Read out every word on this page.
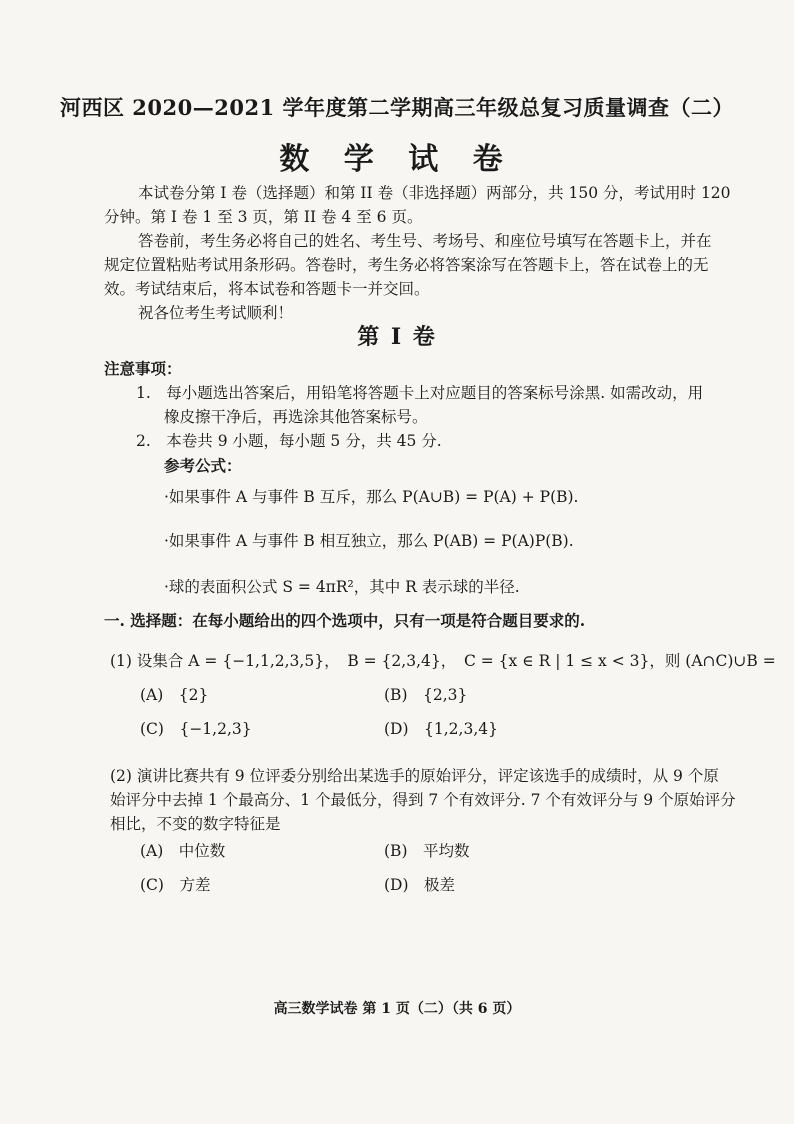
河西区 2020—2021 学年度第二学期高三年级总复习质量调查（二）
数 学 试 卷
本试卷分第 I 卷（选择题）和第 II 卷（非选择题）两部分，共 150 分，考试用时 120
分钟。第 I 卷 1 至 3 页，第 II 卷 4 至 6 页。
答卷前，考生务必将自己的姓名、考生号、考场号、和座位号填写在答题卡上，并在
规定位置粘贴考试用条形码。答卷时，考生务必将答案涂写在答题卡上，答在试卷上的无
效。考试结束后，将本试卷和答题卡一并交回。
祝各位考生考试顺利！
第 I 卷
注意事项：
1.　每小题选出答案后，用铅笔将答题卡上对应题目的答案标号涂黑. 如需改动，用
橡皮擦干净后，再选涂其他答案标号。
2.　本卷共 9 小题，每小题 5 分，共 45 分.
参考公式：
·如果事件 A 与事件 B 互斥，那么 P(A∪B) = P(A) + P(B).
·如果事件 A 与事件 B 相互独立，那么 P(AB) = P(A)P(B).
·球的表面积公式 S = 4πR²，其中 R 表示球的半径.
一. 选择题：在每小题给出的四个选项中，只有一项是符合题目要求的.
(1) 设集合 A = {−1,1,2,3,5}，　B = {2,3,4}，　C = {x ∈ R | 1 ≤ x < 3}，则 (A∩C)∪B =
(A)　{2}	(B)　{2,3}
(C)　{−1,2,3}	(D)　{1,2,3,4}
(2) 演讲比赛共有 9 位评委分别给出某选手的原始评分，评定该选手的成绩时，从 9 个原
始评分中去掉 1 个最高分、1 个最低分，得到 7 个有效评分. 7 个有效评分与 9 个原始评分
相比，不变的数字特征是
(A)　中位数	(B)　平均数
(C)　方差	(D)　极差
高三数学试卷 第 1 页（二）（共 6 页）
